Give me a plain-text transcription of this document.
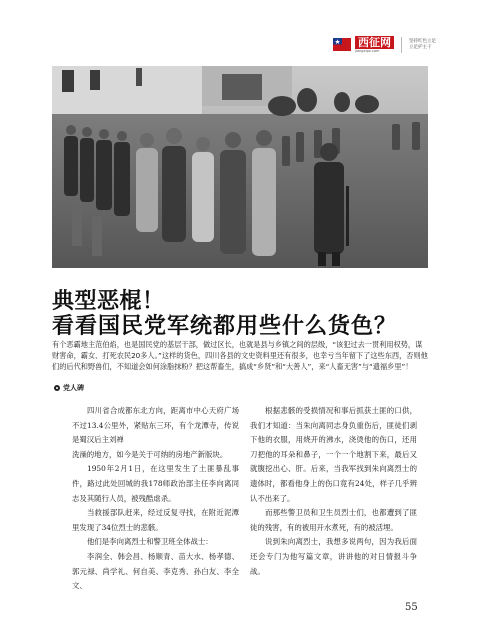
西征网
jiangxipx.com
坚持红色立足
立足护主干
典型恶棍！
看看国民党军统都用些什么货色？

有个恶霸地主范伯焰，也是国民党的基层干部，做过区长，也就是县与乡镇之间的层级，“该犯过去一贯利用权势，谋财害命，霸女、打死农民20多人。”这样的货色，四川各县的文史资料里还有很多，也幸亏当年留下了这些东西，否则他们的后代和野兽们，不知道会如何涂脂抹粉？把这帮畜生，搞成“乡贤”和“大善人”，来“人畜无害”与“遗福乡里”！

党人碑

四川省合成都东北方向，距离市中心天府广场不过13.4公里外，紧贴东三环，有个龙潭寺，传说是蜀汉后主刘禅

洗澡的地方，如今是关于可纳的房地产新版块。

1950年2月1日，在这里发生了土匪暴乱事件，路过此处回城的我178师政治部主任李向离同志及其随行人员，被残酷虐杀。

当救援部队赶来，经过反复寻找，在附近泥潭里发现了34位烈士的悲骸。

他们是李向离烈士和警卫班全体战士：

李润全、韩会昌、杨顺青、苗大水、杨孝德、郭元禄、尚学礼、何自美、李克秀、孙白友、李全文、

根据悲骸的受损情况和事后抓获土匪的口供，我们才知道：当朱向离同志身负重伤后，匪徒们剥下他的衣服，用烧开的沸水，浇烫他的伤口，还用刀把他的耳朵和鼻子，一个一个地割下来，最后又就腹挖出心、肝。后来，当我军找到朱向离烈士的遗体时，都看他身上的伤口竟有24处，样子几乎辨认不出来了。

而那些警卫员和卫生员烈士们，也都遭到了匪徒的残害，有的被用开水煮死，有的被活埋。

说到朱向离烈士，我想多说两句，因为我后面还会专门为他写篇文章，讲讲他的对日情报斗争战。

55
